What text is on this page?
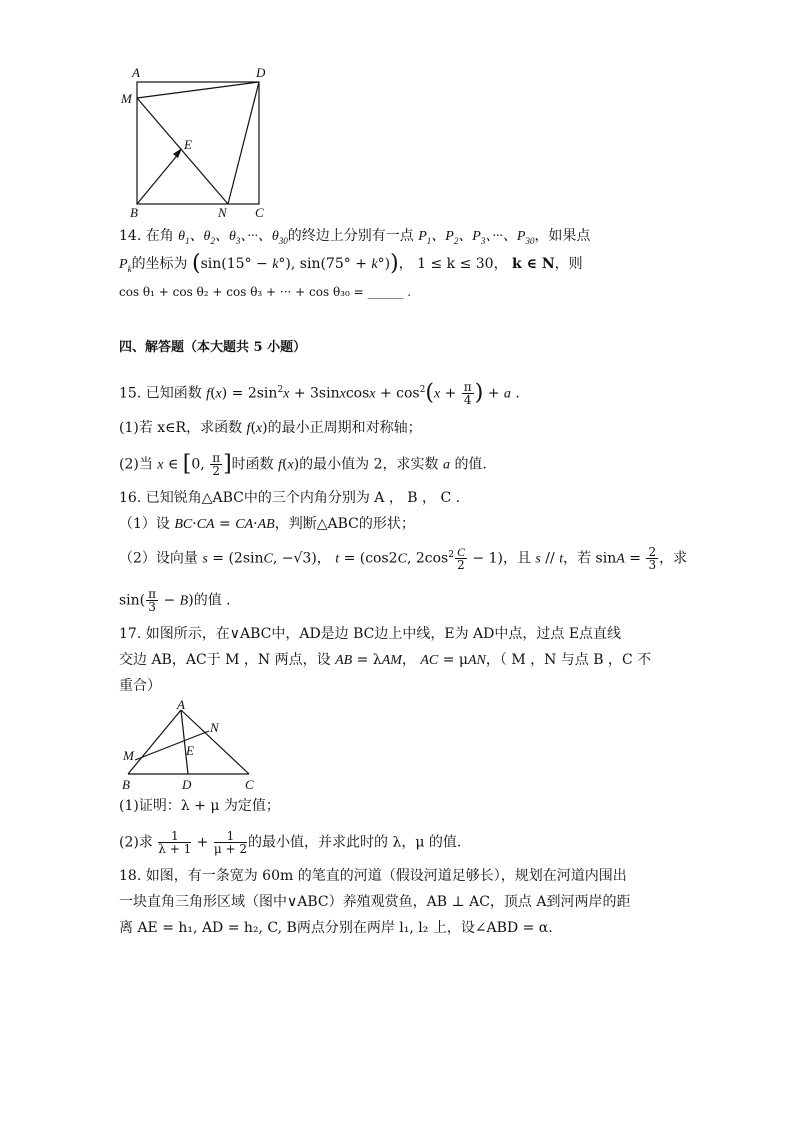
A	D
M
E
B	N C
14. 在角 $\theta_1$、$\theta_2$、$\theta_3$、···、$\theta_{30}$的终边上分别有一点 $P_1$、$P_2$、$P_3$、···、$P_{30}$，如果点
$P_k$的坐标为 (sin(15° − k°), sin(75° + k°))， 1 ≤ k ≤ 30， k ∈ N，则
cos θ₁ + cos θ₂ + cos θ₃ + ··· + cos θ₃₀ = ______ .
四、解答题（本大题共 5 小题）
15. 已知函数 $f(x) = 2\sin^2x$ + 3sinxcosx + $\cos^2(x + \frac{\pi}{4}$ ) + a .
(1)若 x∈R，求函数 f(x)的最小正周期和对称轴；
(2)当 x ∈ [0, $\frac{\pi}{2}$ ]时函数 f(x)的最小值为 2，求实数 a 的值.
16. 已知锐角△ABC中的三个内角分别为 A ， B ， C .
（1）设 BC·CA = CA·AB，判断△ABC的形状；
（2）设向量 s = (2sinC, −√3)， t = (cos2C, $2\cos^2 \frac{C}{2} - 1$)，且 s // t，若 $\sin A = \frac{2}{3}$ ，求
$\sin( \frac{\pi}{3} - B)$的值 .
17. 如图所示，在∨ABC中，AD是边 BC边上中线，E为 AD中点，过点 E点直线
交边 AB，AC于 M ，N 两点，设 AB = λAM， AC = μAN，（ M ，N 与点 B ，C 不
重合）
A
N
M	E
B	D	C
(1)证明：λ + μ 为定值；
(2)求 $\frac{1}{\lambda + 1} + \frac{1}{\mu + 2}$ 的最小值，并求此时的 λ，μ 的值.
18. 如图，有一条宽为 60m 的笔直的河道（假设河道足够长），规划在河道内围出
一块直角三角形区域（图中∨ABC）养殖观赏鱼，AB ⊥ AC，顶点 A到河两岸的距
离 AE = h₁, AD = h₂, C, B两点分别在两岸 l₁, l₂ 上，设∠ABD = α.
